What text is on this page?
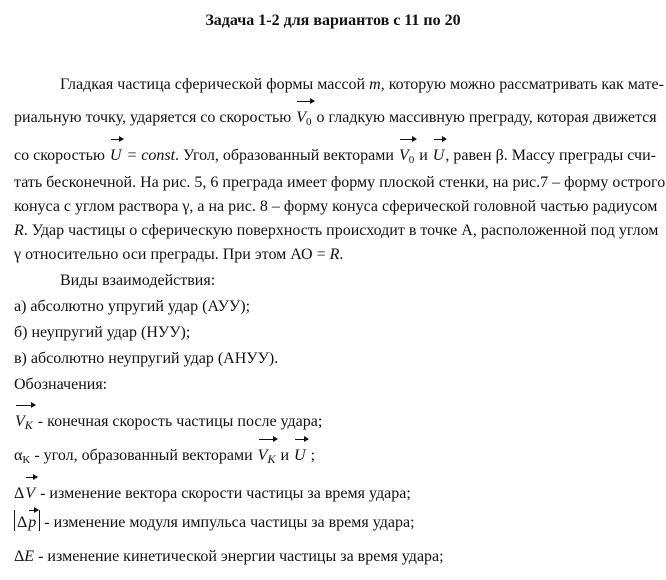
Задача 1-2 для вариантов с 11 по 20
Гладкая частица сферической формы массой m, которую можно рассматривать как мате-
риальную точку, ударяется со скоростью
$V_0$ о гладкую массивную преграду, которая движется
со скоростью
U = const. Угол, образованный векторами
$V_0$ и
U, равен β. Массу преграды счи-
тать бесконечной. На рис. 5, 6 преграда имеет форму плоской стенки, на рис.7 – форму острого
конуса с углом раствора γ, а на рис. 8 – форму конуса сферической головной частью радиусом
R. Удар частицы о сферическую поверхность происходит в точке А, расположенной под углом
γ относительно оси преграды. При этом АО = R.
Виды взаимодействия:
а) абсолютно упругий удар (АУУ);
б) неупругий удар (НУУ);
в) абсолютно неупругий удар (АНУУ).
Обозначения:
$V_K$ - конечная скорость частицы после удара;
$\alpha_K$ - угол, образованный векторами
$V_K$ и
U ;
Δ
V - изменение вектора скорости частицы за время удара;
Δ
p - изменение модуля импульса частицы за время удара;
ΔE - изменение кинетической энергии частицы за время удара;
